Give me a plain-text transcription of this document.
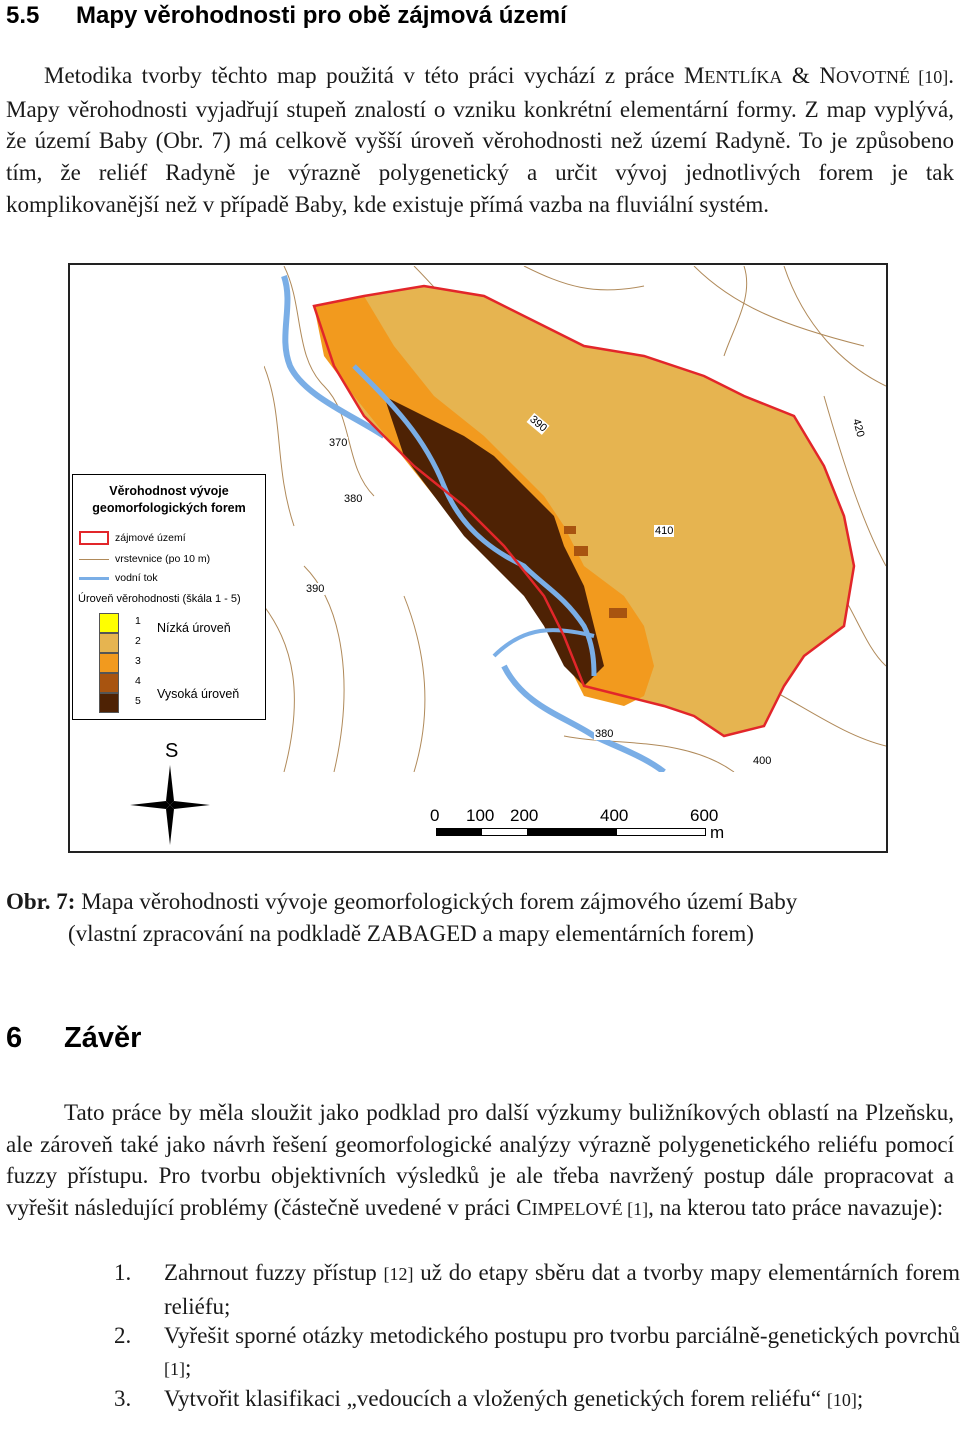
5.5 Mapy věrohodnosti pro obě zájmová území
Metodika tvorby těchto map použitá v této práci vychází z práce MENTLÍKA & NOVOTNÉ [10]. Mapy věrohodnosti vyjadřují stupeň znalostí o vzniku konkrétní elementární formy. Z map vyplývá, že území Baby (Obr. 7) má celkově vyšší úroveň věrohodnosti než území Radyně. To je způsobeno tím, že reliéf Radyně je výrazně polygenetický a určit vývoj jednotlivých forem je tak komplikovanější než v případě Baby, kde existuje přímá vazba na fluviální systém.
370
380
390
390
410
420
380
400
Věrohodnost vývoje
geomorfologických forem
zájmové území
vrstevnice (po 10 m)
vodní tok
Úroveň věrohodnosti (škála 1 - 5)
1
2
3
4
5
Nízká úroveň
Vysoká úroveň
S
0 100 200	400	600
m
Obr. 7: Mapa věrohodnosti vývoje geomorfologických forem zájmového území Baby
(vlastní zpracování na podkladě ZABAGED a mapy elementárních forem)
6 Závěr
Tato práce by měla sloužit jako podklad pro další výzkumy buližníkových oblastí na Plzeňsku, ale zároveň také jako návrh řešení geomorfologické analýzy výrazně polygenetického reliéfu pomocí fuzzy přístupu. Pro tvorbu objektivních výsledků je ale třeba navržený postup dále propracovat a vyřešit následující problémy (částečně uvedené v práci CIMPELOVÉ [1], na kterou tato práce navazuje):
1. Zahrnout fuzzy přístup [12] už do etapy sběru dat a tvorby mapy elementárních forem reliéfu;
2. Vyřešit sporné otázky metodického postupu pro tvorbu parciálně-genetických povrchů [1];
3. Vytvořit klasifikaci „vedoucích a vložených genetických forem reliéfu“ [10];
